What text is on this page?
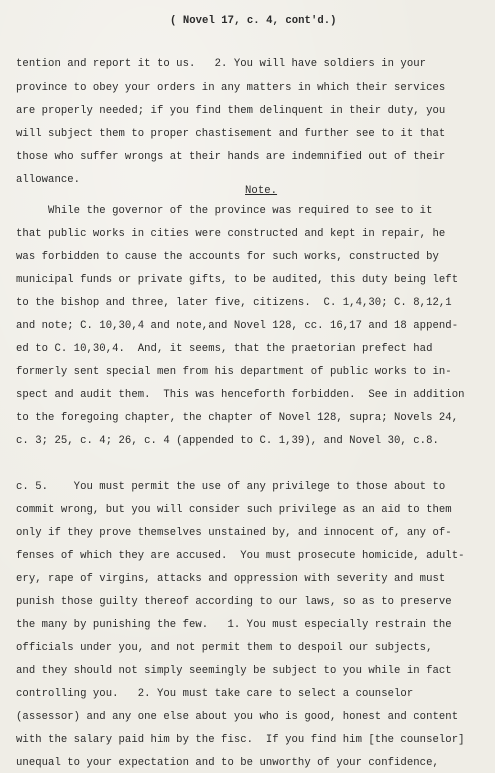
( Novel 17, c. 4, cont'd.)
tention and report it to us.   2. You will have soldiers in your
province to obey your orders in any matters in which their services
are properly needed; if you find them delinquent in their duty, you
will subject them to proper chastisement and further see to it that
those who suffer wrongs at their hands are indemnified out of their
allowance.
Note.
While the governor of the province was required to see to it
that public works in cities were constructed and kept in repair, he
was forbidden to cause the accounts for such works, constructed by
municipal funds or private gifts, to be audited, this duty being left
to the bishop and three, later five, citizens.  C. 1,4,30; C. 8,12,1
and note; C. 10,30,4 and note,and Novel 128, cc. 16,17 and 18 append-
ed to C. 10,30,4.  And, it seems, that the praetorian prefect had
formerly sent special men from his department of public works to in-
spect and audit them.  This was henceforth forbidden.  See in addition
to the foregoing chapter, the chapter of Novel 128, supra; Novels 24,
c. 3; 25, c. 4; 26, c. 4 (appended to C. 1,39), and Novel 30, c.8.
c. 5.    You must permit the use of any privilege to those about to
commit wrong, but you will consider such privilege as an aid to them
only if they prove themselves unstained by, and innocent of, any of-
fenses of which they are accused.  You must prosecute homicide, adult-
ery, rape of virgins, attacks and oppression with severity and must
punish those guilty thereof according to our laws, so as to preserve
the many by punishing the few.   1. You must especially restrain the
officials under you, and not permit them to despoil our subjects,
and they should not simply seemingly be subject to you while in fact
controlling you.   2. You must take care to select a counselor
(assessor) and any one else about you who is good, honest and content
with the salary paid him by the fisc.  If you find him [the counselor]
unequal to your expectation and to be unworthy of your confidence,
